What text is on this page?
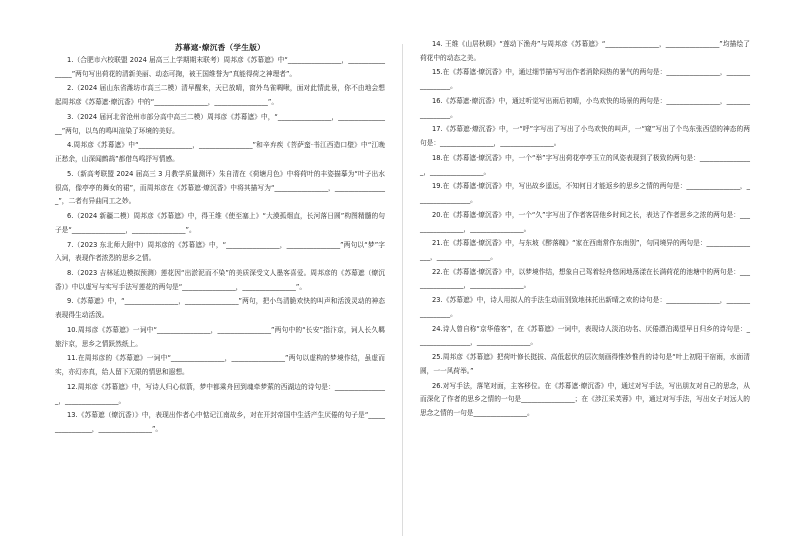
苏幕遮·燎沉香（学生版）

1.（合肥市六校联盟 2024 届高三上学期期末联考）周邦彦《苏幕遮》中“________________，________________”两句写出荷花的清新美丽、动态可掬，被王国维誉为“真能得荷之神理者”。

2.（2024 届山东省潍坊市高三二模）清早醒来，天已放晴，窗外鸟雀啁啾，面对此情此景，你不由地会想起周邦彦《苏幕遮·燎沉香》中的“________________，________________”。

3.（2024 届河北省沧州市部分高中高三二模）周邦彦《苏幕遮》中，“________________，________________”两句，以鸟的鸣叫渲染了环境的美好。

4.周邦彦《苏幕遮》中“________________，________________”和辛弃疾《菩萨蛮·书江西造口壁》中“江晚正愁余，山深闻鹧鸪”都借鸟鸣抒写情感。

5.（新高考联盟 2024 届高三 3 月教学质量测评）朱自清在《荷塘月色》中将荷叶的丰姿描摹为“叶子出水很高，像亭亭的舞女的裙”，而周邦彦在《苏幕遮·燎沉香》中将其描写为“________________，________________”，二者有异曲同工之妙。

6.（2024 新疆二模）周邦彦《苏幕遮》中，得王维《使至塞上》“大漠孤烟直，长河落日圆”构图精髓的句子是“________________，________________”。

7.（2023 东北师大附中）周邦彦的《苏幕遮》中，“________________，________________”两句以“梦”字入词，表现作者浓烈的思乡之情。

8.（2023 吉林延边模拟预测）莲花因“出淤泥而不染”的美质深受文人墨客喜爱。周邦彦的《苏幕遮（燎沉香）》中以虚写与实写手法写莲花的两句是“________________，________________”。

9.《苏幕遮》中，“________________，________________”两句，把小鸟清脆欢快的叫声和活泼灵动的神态表现得生动活泼。

10.周邦彦《苏幕遮》一词中“________________，________________”两句中的“长安”指汴京，词人长久羁旅汴京，思乡之情跃然纸上。

11.在周邦彦的《苏幕遮》一词中“________________，________________”两句以虚构的梦境作结，虽虚而实，亦幻亦真，给人留下无限的情思和遐想。

12.周邦彦《苏幕遮》中，写诗人归心似箭，梦中都乘舟回到魂牵梦萦的西湖边的诗句是：________________，________________。

13.《苏幕遮（燎沉香）》中，表现出作者心中惦记江南故乡，对在开封帝国中生活产生厌倦的句子是“________________，________________”。

14. 王维《山居秋暝》“莲动下渔舟”与周邦彦《苏幕遮》“________________，________________”均描绘了荷花中的动态之美。

15.在《苏幕遮·燎沉香》中，通过细节描写写出作者消除闷热的暑气的两句是：________________，________________。

16.《苏幕遮·燎沉香》中，通过听觉写出雨后初晴，小鸟欢快的场景的两句是：________________，________________。

17.《苏幕遮·燎沉香》中，一“呼”字写出了写出了小鸟欢快的叫声，一“窥”写出了个鸟东张西望的神态的两句是：________________，________________。

18.在《苏幕遮·燎沉香》中，一个“举”字写出荷花亭亭玉立的风姿表现到了极致的两句是：________________，________________。

19.在《苏幕遮·燎沉香》中，写出故乡遥远，不知何日才能返乡的思乡之情的两句是：________________，________________。

20.在《苏幕遮·燎沉香》中，一个“久”字写出了作者客居他乡时间之长，表达了作者思乡之浓的两句是：________________，________________。

21.在《苏幕遮·燎沉香》中，与东坡《醉落魄》“家在西南常作东南别”，句同境异的两句是：________________，________________。

22.在《苏幕遮·燎沉香》中，以梦境作结，想象自己驾着轻舟悠闲地荡漾在长满荷花的池塘中的两句是：________________，________________。

23.《苏幕遮》中，诗人用拟人的手法生动而别致地抹托出新晴之欢的诗句是：________________，________________。

24.诗人曾自称“京华倦客”，在《苏幕遮》一词中，表现诗人淡泊功名、厌倦漂泊渴望早日归乡的诗句是：________________，________________。

25.周邦彦《苏幕遮》把荷叶修长挺拔、高低起伏的层次刻画得惟妙惟肖的诗句是“叶上初阳干宿雨，水面清圆，一一风荷举。”

26.对写手法，落笔对面，主客移位。在《苏幕遮·燎沉香》中，通过对写手法，写出朋友对自己的思念，从而深化了作者的思乡之情的一句是________________；在《涉江采芙蓉》中，通过对写手法，写出女子对远人的思念之情的一句是________________。
